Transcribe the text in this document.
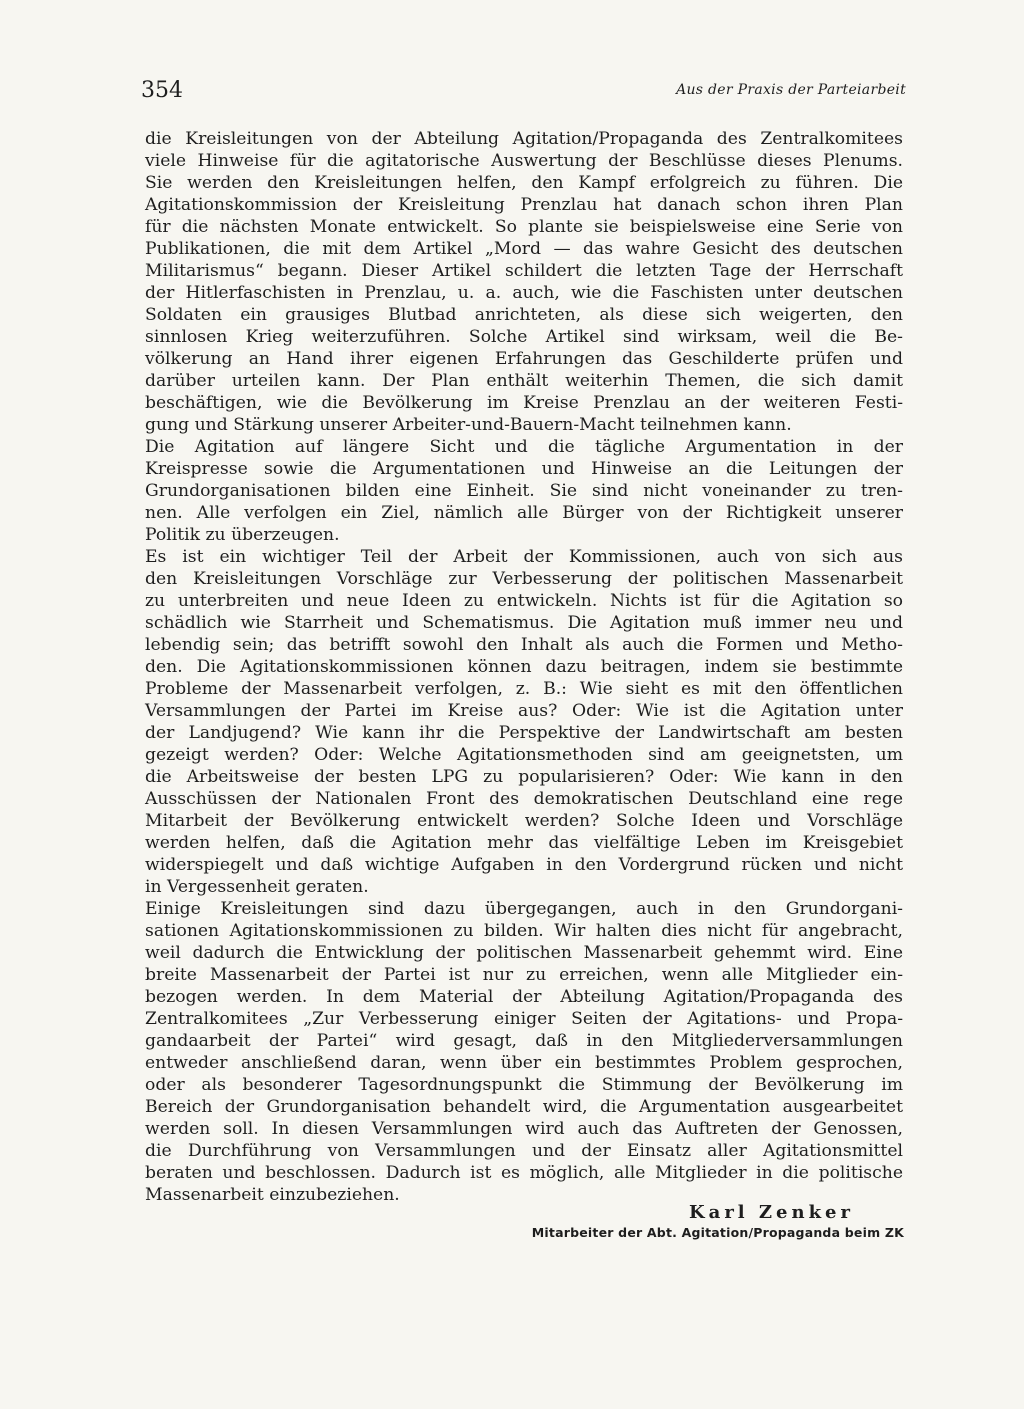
354	Aus der Praxis der Parteiarbeit
die Kreisleitungen von der Abteilung Agitation/Propaganda des Zentralkomitees
viele Hinweise für die agitatorische Auswertung der Beschlüsse dieses Plenums.
Sie werden den Kreisleitungen helfen, den Kampf erfolgreich zu führen. Die
Agitationskommission der Kreisleitung Prenzlau hat danach schon ihren Plan
für die nächsten Monate entwickelt. So plante sie beispielsweise eine Serie von
Publikationen, die mit dem Artikel „Mord — das wahre Gesicht des deutschen
Militarismus“ begann. Dieser Artikel schildert die letzten Tage der Herrschaft
der Hitlerfaschisten in Prenzlau, u. a. auch, wie die Faschisten unter deutschen
Soldaten ein grausiges Blutbad anrichteten, als diese sich weigerten, den
sinnlosen Krieg weiterzuführen. Solche Artikel sind wirksam, weil die Be-
völkerung an Hand ihrer eigenen Erfahrungen das Geschilderte prüfen und
darüber urteilen kann. Der Plan enthält weiterhin Themen, die sich damit
beschäftigen, wie die Bevölkerung im Kreise Prenzlau an der weiteren Festi-
gung und Stärkung unserer Arbeiter-und-Bauern-Macht teilnehmen kann.
Die Agitation auf längere Sicht und die tägliche Argumentation in der
Kreispresse sowie die Argumentationen und Hinweise an die Leitungen der
Grundorganisationen bilden eine Einheit. Sie sind nicht voneinander zu tren-
nen. Alle verfolgen ein Ziel, nämlich alle Bürger von der Richtigkeit unserer
Politik zu überzeugen.
Es ist ein wichtiger Teil der Arbeit der Kommissionen, auch von sich aus
den Kreisleitungen Vorschläge zur Verbesserung der politischen Massenarbeit
zu unterbreiten und neue Ideen zu entwickeln. Nichts ist für die Agitation so
schädlich wie Starrheit und Schematismus. Die Agitation muß immer neu und
lebendig sein; das betrifft sowohl den Inhalt als auch die Formen und Metho-
den. Die Agitationskommissionen können dazu beitragen, indem sie bestimmte
Probleme der Massenarbeit verfolgen, z. B.: Wie sieht es mit den öffentlichen
Versammlungen der Partei im Kreise aus? Oder: Wie ist die Agitation unter
der Landjugend? Wie kann ihr die Perspektive der Landwirtschaft am besten
gezeigt werden? Oder: Welche Agitationsmethoden sind am geeignetsten, um
die Arbeitsweise der besten LPG zu popularisieren? Oder: Wie kann in den
Ausschüssen der Nationalen Front des demokratischen Deutschland eine rege
Mitarbeit der Bevölkerung entwickelt werden? Solche Ideen und Vorschläge
werden helfen, daß die Agitation mehr das vielfältige Leben im Kreisgebiet
widerspiegelt und daß wichtige Aufgaben in den Vordergrund rücken und nicht
in Vergessenheit geraten.
Einige Kreisleitungen sind dazu übergegangen, auch in den Grundorgani-
sationen Agitationskommissionen zu bilden. Wir halten dies nicht für angebracht,
weil dadurch die Entwicklung der politischen Massenarbeit gehemmt wird. Eine
breite Massenarbeit der Partei ist nur zu erreichen, wenn alle Mitglieder ein-
bezogen werden. In dem Material der Abteilung Agitation/Propaganda des
Zentralkomitees „Zur Verbesserung einiger Seiten der Agitations- und Propa-
gandaarbeit der Partei“ wird gesagt, daß in den Mitgliederversammlungen
entweder anschließend daran, wenn über ein bestimmtes Problem gesprochen,
oder als besonderer Tagesordnungspunkt die Stimmung der Bevölkerung im
Bereich der Grundorganisation behandelt wird, die Argumentation ausgearbeitet
werden soll. In diesen Versammlungen wird auch das Auftreten der Genossen,
die Durchführung von Versammlungen und der Einsatz aller Agitationsmittel
beraten und beschlossen. Dadurch ist es möglich, alle Mitglieder in die politische
Massenarbeit einzubeziehen.
Karl Zenker
Mitarbeiter der Abt. Agitation/Propaganda beim ZK
